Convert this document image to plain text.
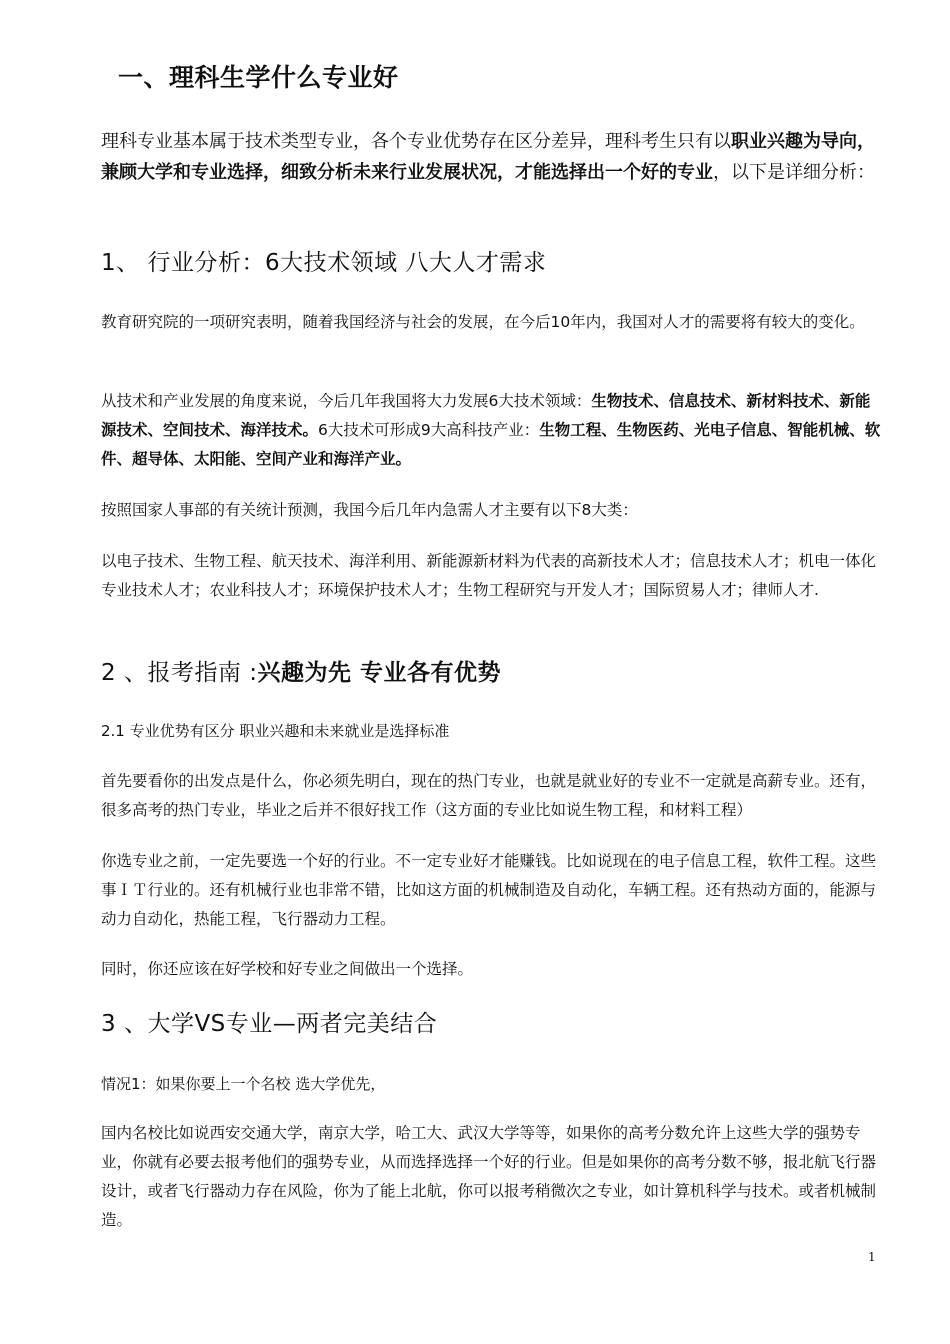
一、理科生学什么专业好
理科专业基本属于技术类型专业，各个专业优势存在区分差异，理科考生只有以职业兴趣为导向，兼顾大学和专业选择，细致分析未来行业发展状况，才能选择出一个好的专业，以下是详细分析：
1、 行业分析：6大技术领域 八大人才需求
教育研究院的一项研究表明，随着我国经济与社会的发展，在今后10年内，我国对人才的需要将有较大的变化。
从技术和产业发展的角度来说，今后几年我国将大力发展6大技术领域：生物技术、信息技术、新材料技术、新能源技术、空间技术、海洋技术。6大技术可形成9大高科技产业：生物工程、生物医药、光电子信息、智能机械、软件、超导体、太阳能、空间产业和海洋产业。
按照国家人事部的有关统计预测，我国今后几年内急需人才主要有以下8大类：
以电子技术、生物工程、航天技术、海洋利用、新能源新材料为代表的高新技术人才；信息技术人才；机电一体化专业技术人才；农业科技人才；环境保护技术人才；生物工程研究与开发人才；国际贸易人才；律师人才.
2 、报考指南 :兴趣为先 专业各有优势
2.1 专业优势有区分 职业兴趣和未来就业是选择标准
首先要看你的出发点是什么，你必须先明白，现在的热门专业，也就是就业好的专业不一定就是高薪专业。还有，很多高考的热门专业，毕业之后并不很好找工作（这方面的专业比如说生物工程，和材料工程）
你选专业之前，一定先要选一个好的行业。不一定专业好才能赚钱。比如说现在的电子信息工程，软件工程。这些事ＩＴ行业的。还有机械行业也非常不错，比如这方面的机械制造及自动化，车辆工程。还有热动方面的，能源与动力自动化，热能工程，飞行器动力工程。
同时，你还应该在好学校和好专业之间做出一个选择。
3 、大学VS专业—两者完美结合
情况1：如果你要上一个名校 选大学优先，
国内名校比如说西安交通大学，南京大学，哈工大、武汉大学等等，如果你的高考分数允许上这些大学的强势专业，你就有必要去报考他们的强势专业，从而选择选择一个好的行业。但是如果你的高考分数不够，报北航飞行器设计，或者飞行器动力存在风险，你为了能上北航，你可以报考稍微次之专业，如计算机科学与技术。或者机械制造。
1
